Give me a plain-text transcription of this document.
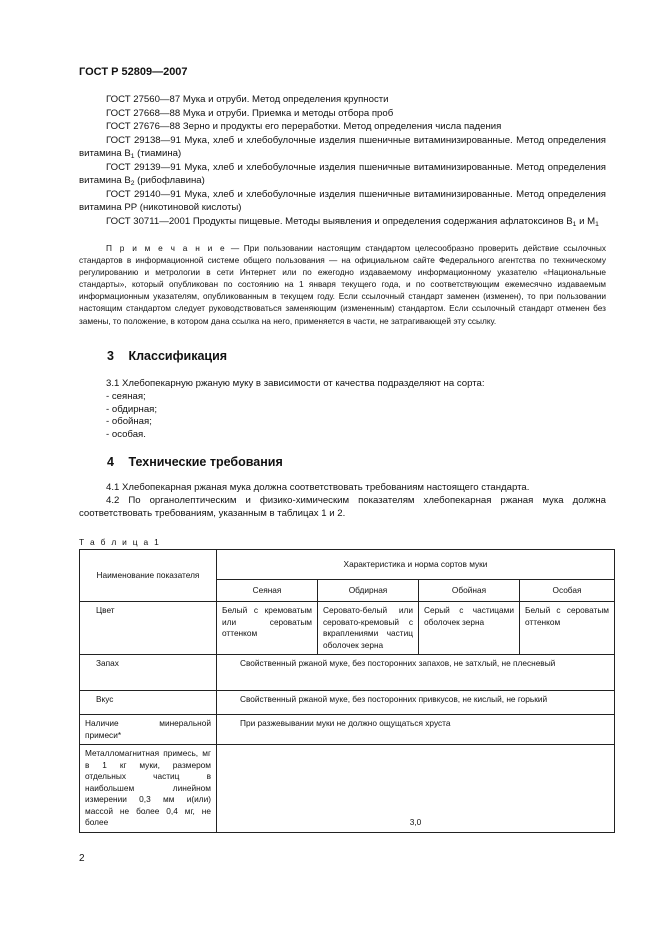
ГОСТ Р 52809—2007

ГОСТ 27560—87 Мука и отруби. Метод определения крупности

ГОСТ 27668—88 Мука и отруби. Приемка и методы отбора проб

ГОСТ 27676—88 Зерно и продукты его переработки. Метод определения числа падения

ГОСТ 29138—91 Мука, хлеб и хлебобулочные изделия пшеничные витаминизированные. Метод определения витамина $В_1$ (тиамина)

ГОСТ 29139—91 Мука, хлеб и хлебобулочные изделия пшеничные витаминизированные. Метод определения витамина $В_2$ (рибофлавина)

ГОСТ 29140—91 Мука, хлеб и хлебобулочные изделия пшеничные витаминизированные. Метод определения витамина РР (никотиновой кислоты)

ГОСТ 30711—2001 Продукты пищевые. Методы выявления и определения содержания афлатоксинов $В_1$ и $М_1$

П р и м е ч а н и е — При пользовании настоящим стандартом целесообразно проверить действие ссылочных стандартов в информационной системе общего пользования — на официальном сайте Федерального агентства по техническому регулированию и метрологии в сети Интернет или по ежегодно издаваемому информационному указателю «Национальные стандарты», который опубликован по состоянию на 1 января текущего года, и по соответствующим ежемесячно издаваемым информационным указателям, опубликованным в текущем году. Если ссылочный стандарт заменен (изменен), то при пользовании настоящим стандартом следует руководствоваться заменяющим (измененным) стандартом. Если ссылочный стандарт отменен без замены, то положение, в котором дана ссылка на него, применяется в части, не затрагивающей эту ссылку.
3 Классификация

3.1 Хлебопекарную ржаную муку в зависимости от качества подразделяют на сорта:

- сеяная;

- обдирная;

- обойная;

- особая.

4 Технические требования

4.1 Хлебопекарная ржаная мука должна соответствовать требованиям настоящего стандарта.

4.2 По органолептическим и физико-химическим показателям хлебопекарная ржаная мука должна соответствовать требованиям, указанным в таблицах 1 и 2.

Т а б л и ц а 1
Наименование показателя	Характеристика и норма сортов муки			
	Сеяная	Обдирная	Обойная	Особая
Цвет	Белый с кремоватым или сероватым оттенком	Серовато-белый или серовато-кремовый с вкраплениями частиц оболочек зерна	Серый с частицами оболочек зерна	Белый с сероватым оттенком
Запах	Свойственный ржаной муке, без посторонних запахов, не затхлый, не плесневый			
Вкус	Свойственный ржаной муке, без посторонних привкусов, не кислый, не горький			
Наличие минеральной примеси*	При разжевывании муки не должно ощущаться хруста			
Металломагнитная примесь, мг в 1 кг муки, размером отдельных частиц в наибольшем линейном измерении 0,3 мм и(или) массой не более 0,4 мг, не более	3,0			
2
